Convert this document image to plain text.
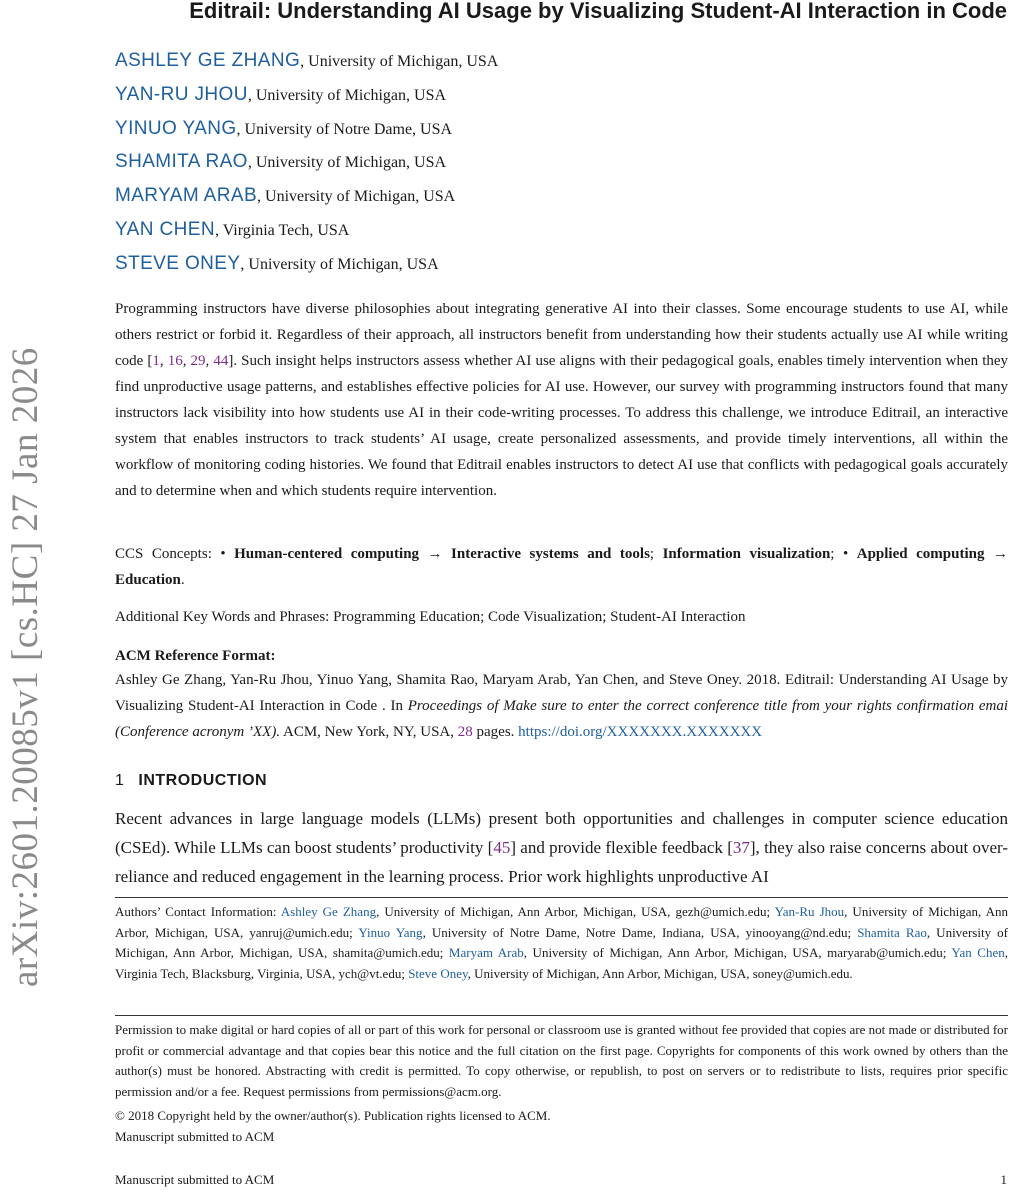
arXiv:2601.20085v1 [cs.HC] 27 Jan 2026
Editrail: Understanding AI Usage by Visualizing Student-AI Interaction in Code
ASHLEY GE ZHANG , University of Michigan, USA
YAN-RU JHOU , University of Michigan, USA
YINUO YANG , University of Notre Dame, USA
SHAMITA RAO , University of Michigan, USA
MARYAM ARAB , University of Michigan, USA
YAN CHEN , Virginia Tech, USA
STEVE ONEY , University of Michigan, USA

Programming instructors have diverse philosophies about integrating generative AI into their classes. Some encourage students to use AI, while others restrict or forbid it. Regardless of their approach, all instructors benefit from understanding how their students actually use AI while writing code [1, 16, 29, 44]. Such insight helps instructors assess whether AI use aligns with their pedagogical goals, enables timely intervention when they find unproductive usage patterns, and establishes effective policies for AI use. However, our survey with programming instructors found that many instructors lack visibility into how students use AI in their code-writing processes. To address this challenge, we introduce Editrail, an interactive system that enables instructors to track students’ AI usage, create personalized assessments, and provide timely interventions, all within the workflow of monitoring coding histories. We found that Editrail enables instructors to detect AI use that conflicts with pedagogical goals accurately and to determine when and which students require intervention.

CCS Concepts: • Human-centered computing → Interactive systems and tools; Information visualization; • Applied computing → Education.

Additional Key Words and Phrases: Programming Education; Code Visualization; Student-AI Interaction

ACM Reference Format:

Ashley Ge Zhang, Yan-Ru Jhou, Yinuo Yang, Shamita Rao, Maryam Arab, Yan Chen, and Steve Oney. 2018. Editrail: Understanding AI Usage by Visualizing Student-AI Interaction in Code . In Proceedings of Make sure to enter the correct conference title from your rights confirmation emai (Conference acronym ’XX). ACM, New York, NY, USA, 28 pages. https://doi.org/XXXXXXX.XXXXXXX

1 INTRODUCTION

Recent advances in large language models (LLMs) present both opportunities and challenges in computer science education (CSEd). While LLMs can boost students’ productivity [45] and provide flexible feedback [37], they also raise concerns about over-reliance and reduced engagement in the learning process. Prior work highlights unproductive AI

Authors’ Contact Information: Ashley Ge Zhang, University of Michigan, Ann Arbor, Michigan, USA, gezh@umich.edu; Yan-Ru Jhou, University of Michigan, Ann Arbor, Michigan, USA, yanruj@umich.edu; Yinuo Yang, University of Notre Dame, Notre Dame, Indiana, USA, yinooyang@nd.edu; Shamita Rao, University of Michigan, Ann Arbor, Michigan, USA, shamita@umich.edu; Maryam Arab, University of Michigan, Ann Arbor, Michigan, USA, maryarab@umich.edu; Yan Chen, Virginia Tech, Blacksburg, Virginia, USA, ych@vt.edu; Steve Oney, University of Michigan, Ann Arbor, Michigan, USA, soney@umich.edu.

Permission to make digital or hard copies of all or part of this work for personal or classroom use is granted without fee provided that copies are not made or distributed for profit or commercial advantage and that copies bear this notice and the full citation on the first page. Copyrights for components of this work owned by others than the author(s) must be honored. Abstracting with credit is permitted. To copy otherwise, or republish, to post on servers or to redistribute to lists, requires prior specific permission and/or a fee. Request permissions from permissions@acm.org.

© 2018 Copyright held by the owner/author(s). Publication rights licensed to ACM.

Manuscript submitted to ACM

Manuscript submitted to ACM	1
